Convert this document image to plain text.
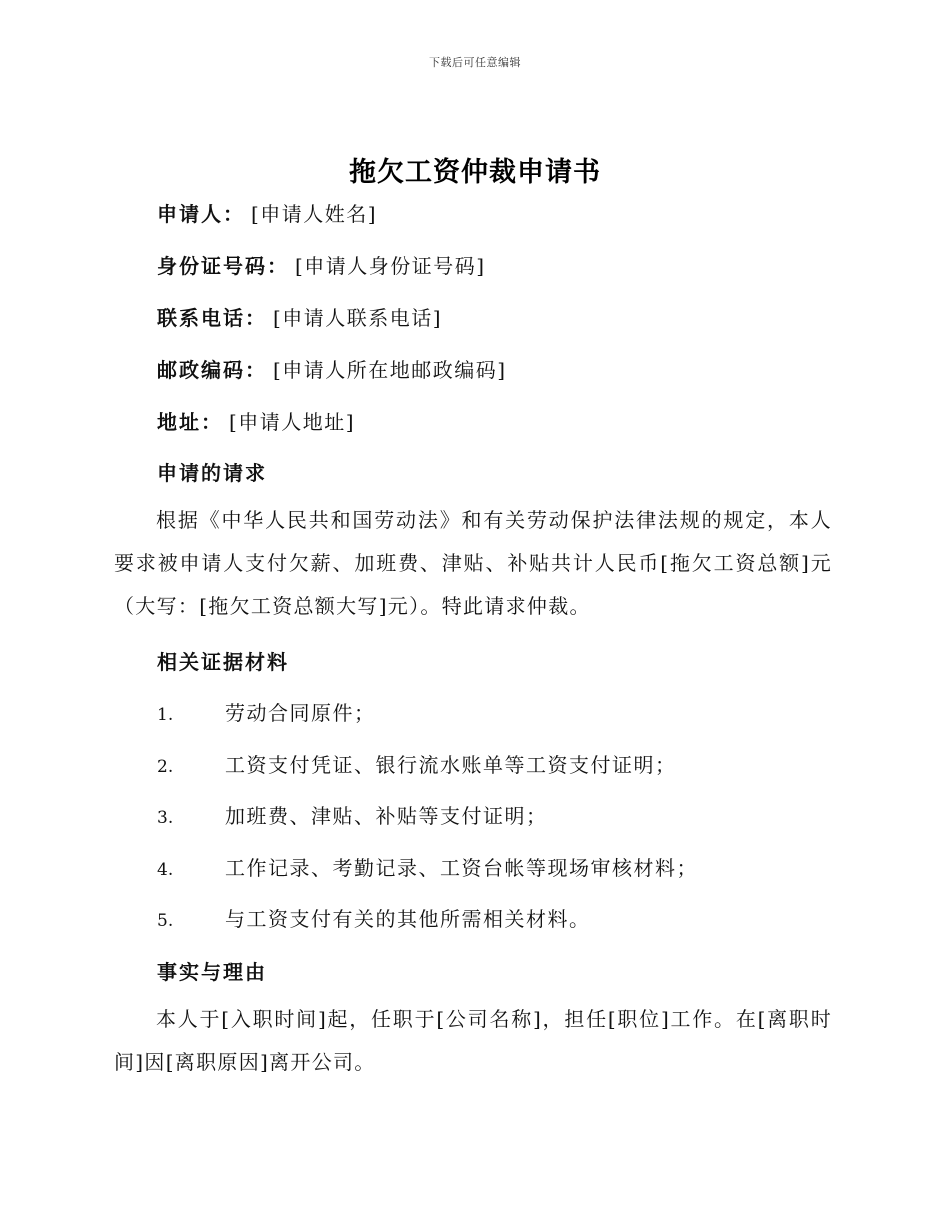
下载后可任意编辑
拖欠工资仲裁申请书
申请人： [申请人姓名]
身份证号码： [申请人身份证号码]
联系电话： [申请人联系电话]
邮政编码： [申请人所在地邮政编码]
地址： [申请人地址]
申请的请求
根据《中华人民共和国劳动法》和有关劳动保护法律法规的规定，本人要求被申请人支付欠薪、加班费、津贴、补贴共计人民币[拖欠工资总额]元（大写：[拖欠工资总额大写]元）。特此请求仲裁。
相关证据材料
1.	劳动合同原件；
2.	工资支付凭证、银行流水账单等工资支付证明；
3.	加班费、津贴、补贴等支付证明；
4.	工作记录、考勤记录、工资台帐等现场审核材料；
5.	与工资支付有关的其他所需相关材料。
事实与理由
本人于[入职时间]起，任职于[公司名称]，担任[职位]工作。在[离职时间]因[离职原因]离开公司。
